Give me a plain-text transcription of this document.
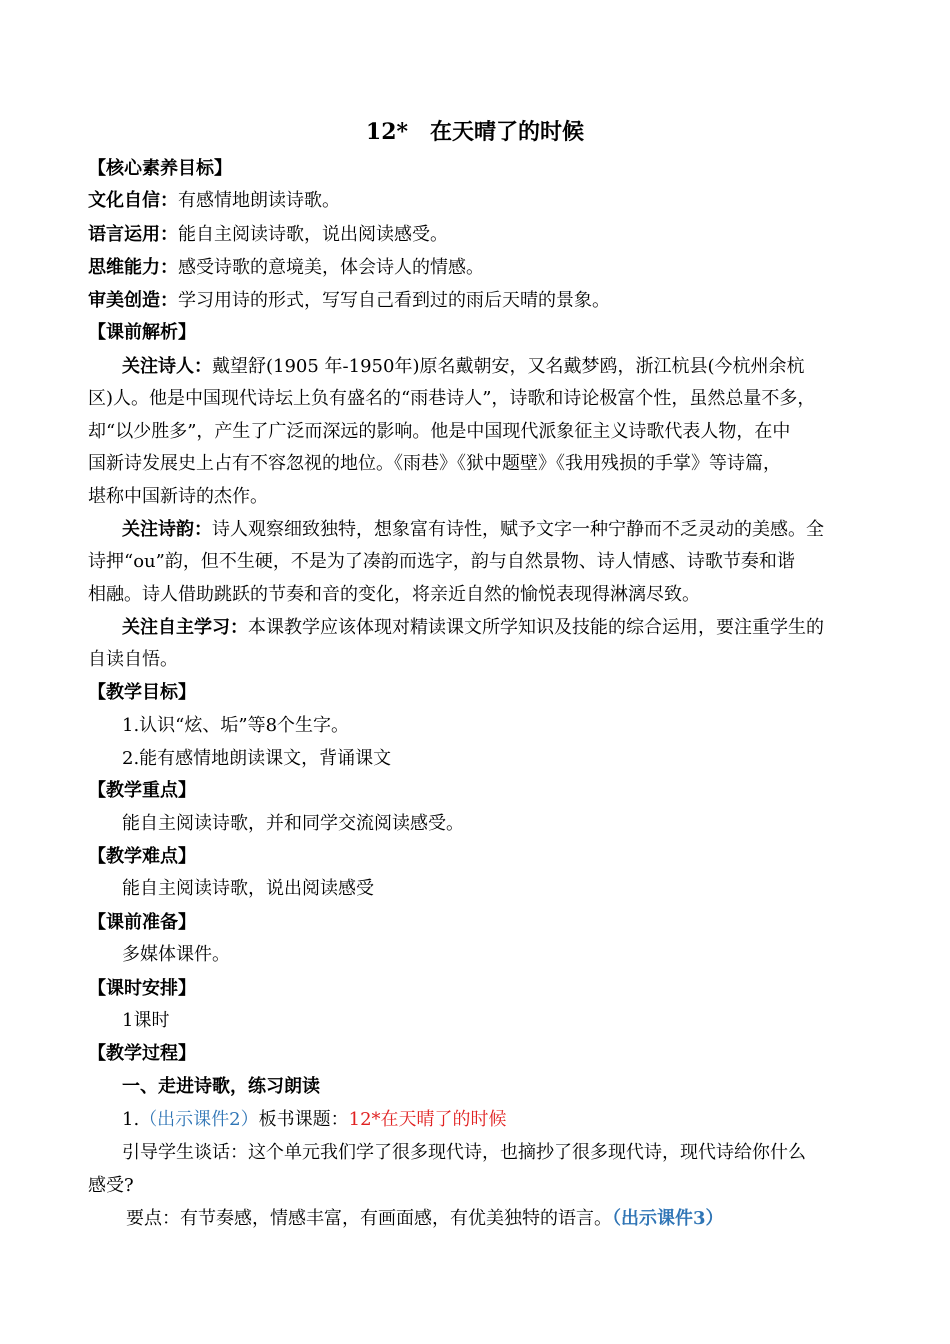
12* 在天晴了的时候
【核心素养目标】
文化自信：有感情地朗读诗歌。
语言运用：能自主阅读诗歌，说出阅读感受。
思维能力：感受诗歌的意境美，体会诗人的情感。
审美创造：学习用诗的形式，写写自己看到过的雨后天晴的景象。
【课前解析】
关注诗人：戴望舒(1905 年-1950年)原名戴朝安，又名戴梦鸥，浙江杭县(今杭州余杭
区)人。他是中国现代诗坛上负有盛名的“雨巷诗人”，诗歌和诗论极富个性，虽然总量不多，
却“以少胜多”，产生了广泛而深远的影响。他是中国现代派象征主义诗歌代表人物，在中
国新诗发展史上占有不容忽视的地位。《雨巷》《狱中题壁》《我用残损的手掌》等诗篇，
堪称中国新诗的杰作。
关注诗韵：诗人观察细致独特，想象富有诗性，赋予文字一种宁静而不乏灵动的美感。全
诗押“ou”韵，但不生硬，不是为了凑韵而选字，韵与自然景物、诗人情感、诗歌节奏和谐
相融。诗人借助跳跃的节奏和音的变化，将亲近自然的愉悦表现得淋漓尽致。
关注自主学习：本课教学应该体现对精读课文所学知识及技能的综合运用，要注重学生的
自读自悟。
【教学目标】
1.认识“炫、垢”等8个生字。
2.能有感情地朗读课文，背诵课文
【教学重点】
能自主阅读诗歌，并和同学交流阅读感受。
【教学难点】
能自主阅读诗歌，说出阅读感受
【课前准备】
多媒体课件。
【课时安排】
1课时
【教学过程】
一、走进诗歌，练习朗读
1.（出示课件2）板书课题：12*在天晴了的时候
引导学生谈话：这个单元我们学了很多现代诗，也摘抄了很多现代诗，现代诗给你什么
感受?
要点：有节奏感，情感丰富，有画面感，有优美独特的语言。（出示课件3）
